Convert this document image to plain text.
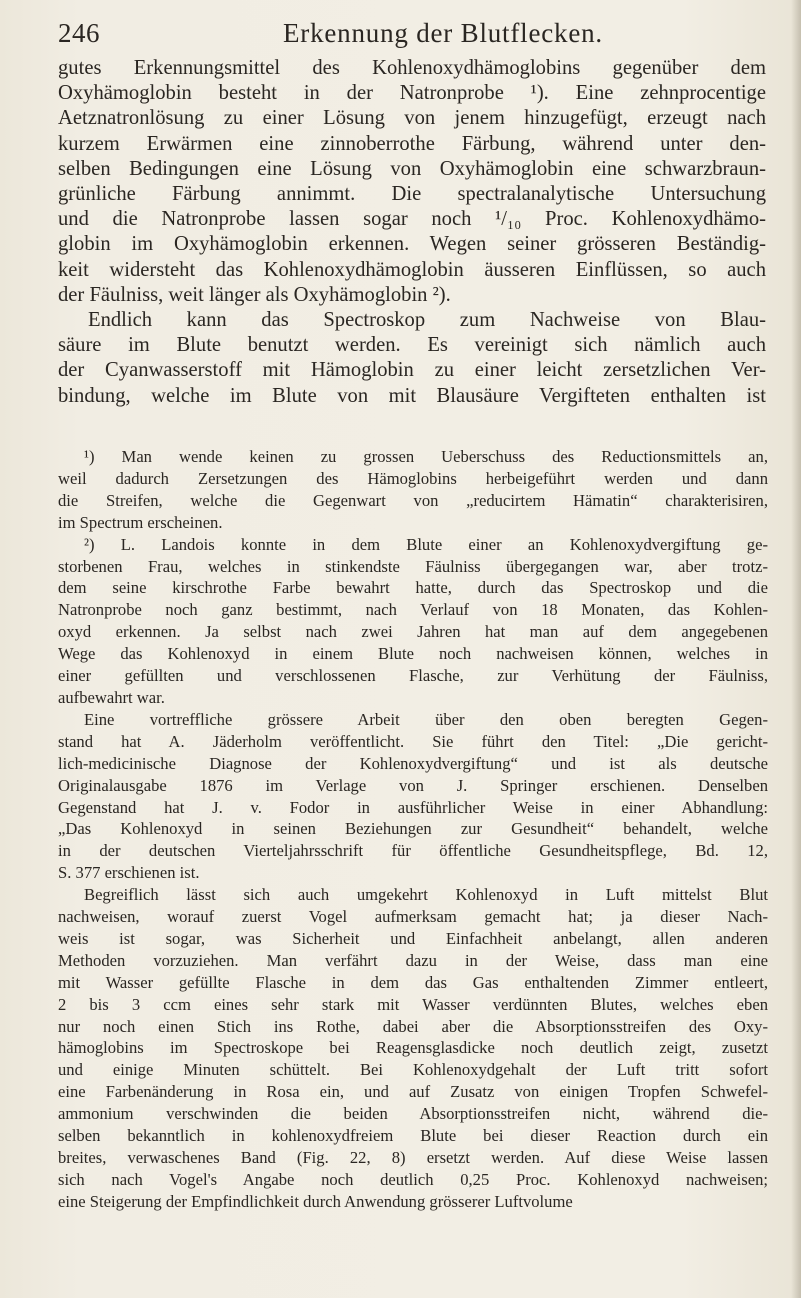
246	Erkennung der Blutflecken.
gutes Erkennungsmittel des Kohlenoxydhämoglobins gegenüber dem
Oxyhämoglobin besteht in der Natronprobe ¹). Eine zehnprocentige
Aetznatronlösung zu einer Lösung von jenem hinzugefügt, erzeugt nach
kurzem Erwärmen eine zinnoberrothe Färbung, während unter den-
selben Bedingungen eine Lösung von Oxyhämoglobin eine schwarzbraun-
grünliche Färbung annimmt. Die spectralanalytische Untersuchung
und die Natronprobe lassen sogar noch ¹/₁₀ Proc. Kohlenoxydhämo-
globin im Oxyhämoglobin erkennen. Wegen seiner grösseren Beständig-
keit widersteht das Kohlenoxydhämoglobin äusseren Einflüssen, so auch
der Fäulniss, weit länger als Oxyhämoglobin ²).
Endlich kann das Spectroskop zum Nachweise von Blau-
säure im Blute benutzt werden. Es vereinigt sich nämlich auch
der Cyanwasserstoff mit Hämoglobin zu einer leicht zersetzlichen Ver-
bindung, welche im Blute von mit Blausäure Vergifteten enthalten ist
¹) Man wende keinen zu grossen Ueberschuss des Reductionsmittels an,
weil dadurch Zersetzungen des Hämoglobins herbeigeführt werden und dann
die Streifen, welche die Gegenwart von „reducirtem Hämatin“ charakterisiren,
im Spectrum erscheinen.
²) L. Landois konnte in dem Blute einer an Kohlenoxydvergiftung ge-
storbenen Frau, welches in stinkendste Fäulniss übergegangen war, aber trotz-
dem seine kirschrothe Farbe bewahrt hatte, durch das Spectroskop und die
Natronprobe noch ganz bestimmt, nach Verlauf von 18 Monaten, das Kohlen-
oxyd erkennen. Ja selbst nach zwei Jahren hat man auf dem angegebenen
Wege das Kohlenoxyd in einem Blute noch nachweisen können, welches in
einer gefüllten und verschlossenen Flasche, zur Verhütung der Fäulniss,
aufbewahrt war.
Eine vortreffliche grössere Arbeit über den oben beregten Gegen-
stand hat A. Jäderholm veröffentlicht. Sie führt den Titel: „Die gericht-
lich-medicinische Diagnose der Kohlenoxydvergiftung“ und ist als deutsche
Originalausgabe 1876 im Verlage von J. Springer erschienen. Denselben
Gegenstand hat J. v. Fodor in ausführlicher Weise in einer Abhandlung:
„Das Kohlenoxyd in seinen Beziehungen zur Gesundheit“ behandelt, welche
in der deutschen Vierteljahrsschrift für öffentliche Gesundheitspflege, Bd. 12,
S. 377 erschienen ist.
Begreiflich lässt sich auch umgekehrt Kohlenoxyd in Luft mittelst Blut
nachweisen, worauf zuerst Vogel aufmerksam gemacht hat; ja dieser Nach-
weis ist sogar, was Sicherheit und Einfachheit anbelangt, allen anderen
Methoden vorzuziehen. Man verfährt dazu in der Weise, dass man eine
mit Wasser gefüllte Flasche in dem das Gas enthaltenden Zimmer entleert,
2 bis 3 ccm eines sehr stark mit Wasser verdünnten Blutes, welches eben
nur noch einen Stich ins Rothe, dabei aber die Absorptionsstreifen des Oxy-
hämoglobins im Spectroskope bei Reagensglasdicke noch deutlich zeigt, zusetzt
und einige Minuten schüttelt. Bei Kohlenoxydgehalt der Luft tritt sofort
eine Farbenänderung in Rosa ein, und auf Zusatz von einigen Tropfen Schwefel-
ammonium verschwinden die beiden Absorptionsstreifen nicht, während die-
selben bekanntlich in kohlenoxydfreiem Blute bei dieser Reaction durch ein
breites, verwaschenes Band (Fig. 22, 8) ersetzt werden. Auf diese Weise lassen
sich nach Vogel's Angabe noch deutlich 0,25 Proc. Kohlenoxyd nachweisen;
eine Steigerung der Empfindlichkeit durch Anwendung grösserer Luftvolume
